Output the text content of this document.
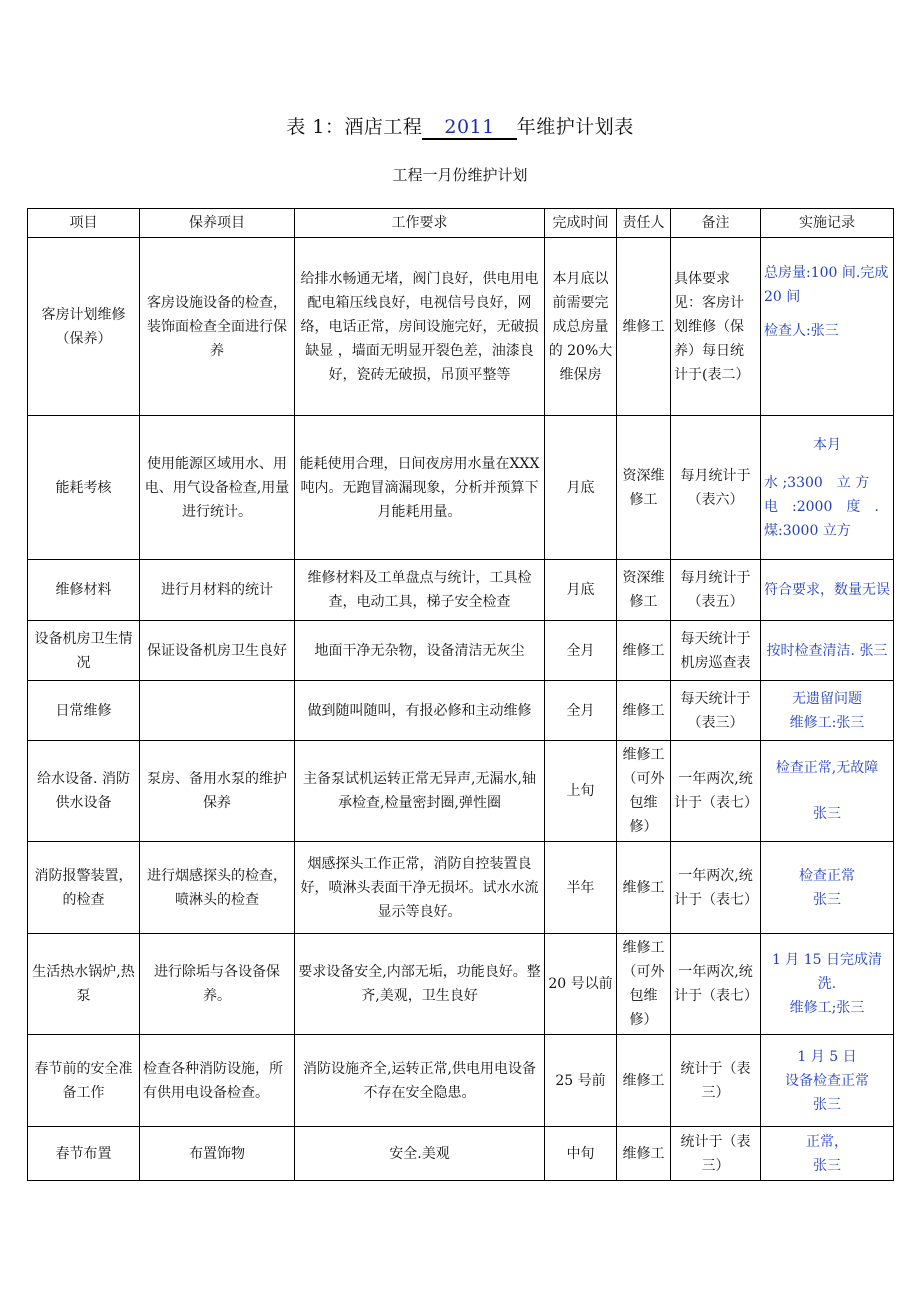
表 1：酒店工程 2011 年维护计划表
工程一月份维护计划
项目	保养项目	工作要求	完成时间	责任人	备注	实施记录
客房计划维修（保养）	客房设施设备的检查，装饰面检查全面进行保养	给排水畅通无堵，阀门良好，供电用电配电箱压线良好，电视信号良好，网络，电话正常，房间设施完好，无破损缺显 ，墙面无明显开裂色差，油漆良好，瓷砖无破损，吊顶平整等	本月底以前需要完成总房量的 20%大维保房	维修工	具体要求见：客房计划维修（保养）每日统计于(表二）	总房量:100 间.完成 20 间
检查人:张三

能耗考核	使用能源区域用水、用电、用气设备检查,用量进行统计。	能耗使用合理，日间夜房用水量在XXX 吨内。无跑冒滴漏现象，分析并预算下月能耗用量。	月底	资深维修工	每月统计于（表六）	本月
水 ;3300　立 方
电　:2000　度　.
煤:3000 立方

维修材料	进行月材料的统计	维修材料及工单盘点与统计，工具检查，电动工具，梯子安全检查	月底	资深维修工	每月统计于（表五）	符合要求，数量无误

设备机房卫生情况	保证设备机房卫生良好	地面干净无杂物，设备清洁无灰尘	全月	维修工	每天统计于机房巡查表	按时检查清洁. 张三

日常维修		做到随叫随叫，有报必修和主动维修	全月	维修工	每天统计于（表三）	无遗留问题
维修工:张三

给水设备. 消防供水设备	泵房、备用水泵的维护保养	主备泵试机运转正常无异声,无漏水,轴承检查,检量密封圈,弹性圈	上旬	维修工（可外包维修）	一年两次,统计于（表七）	检查正常,无故障
张三

消防报警装置，的检查	进行烟感探头的检查，喷淋头的检查	烟感探头工作正常，消防自控装置良好，喷淋头表面干净无损坏。试水水流显示等良好。	半年	维修工	一年两次,统计于（表七）	检查正常
张三

生活热水锅炉,热泵	进行除垢与各设备保养。	要求设备安全,内部无垢，功能良好。整齐,美观，卫生良好	20 号以前	维修工（可外包维修）	一年两次,统计于（表七）	1 月 15 日完成清洗.
维修工;张三

春节前的安全准备工作	检查各种消防设施，所有供用电设备检查。	消防设施齐全,运转正常,供电用电设备不存在安全隐患。	25 号前	维修工	统计于（表三）	1 月 5 日
设备检查正常
张三

春节布置	布置饰物	安全.美观	中旬	维修工	统计于（表三）	正常，
张三
